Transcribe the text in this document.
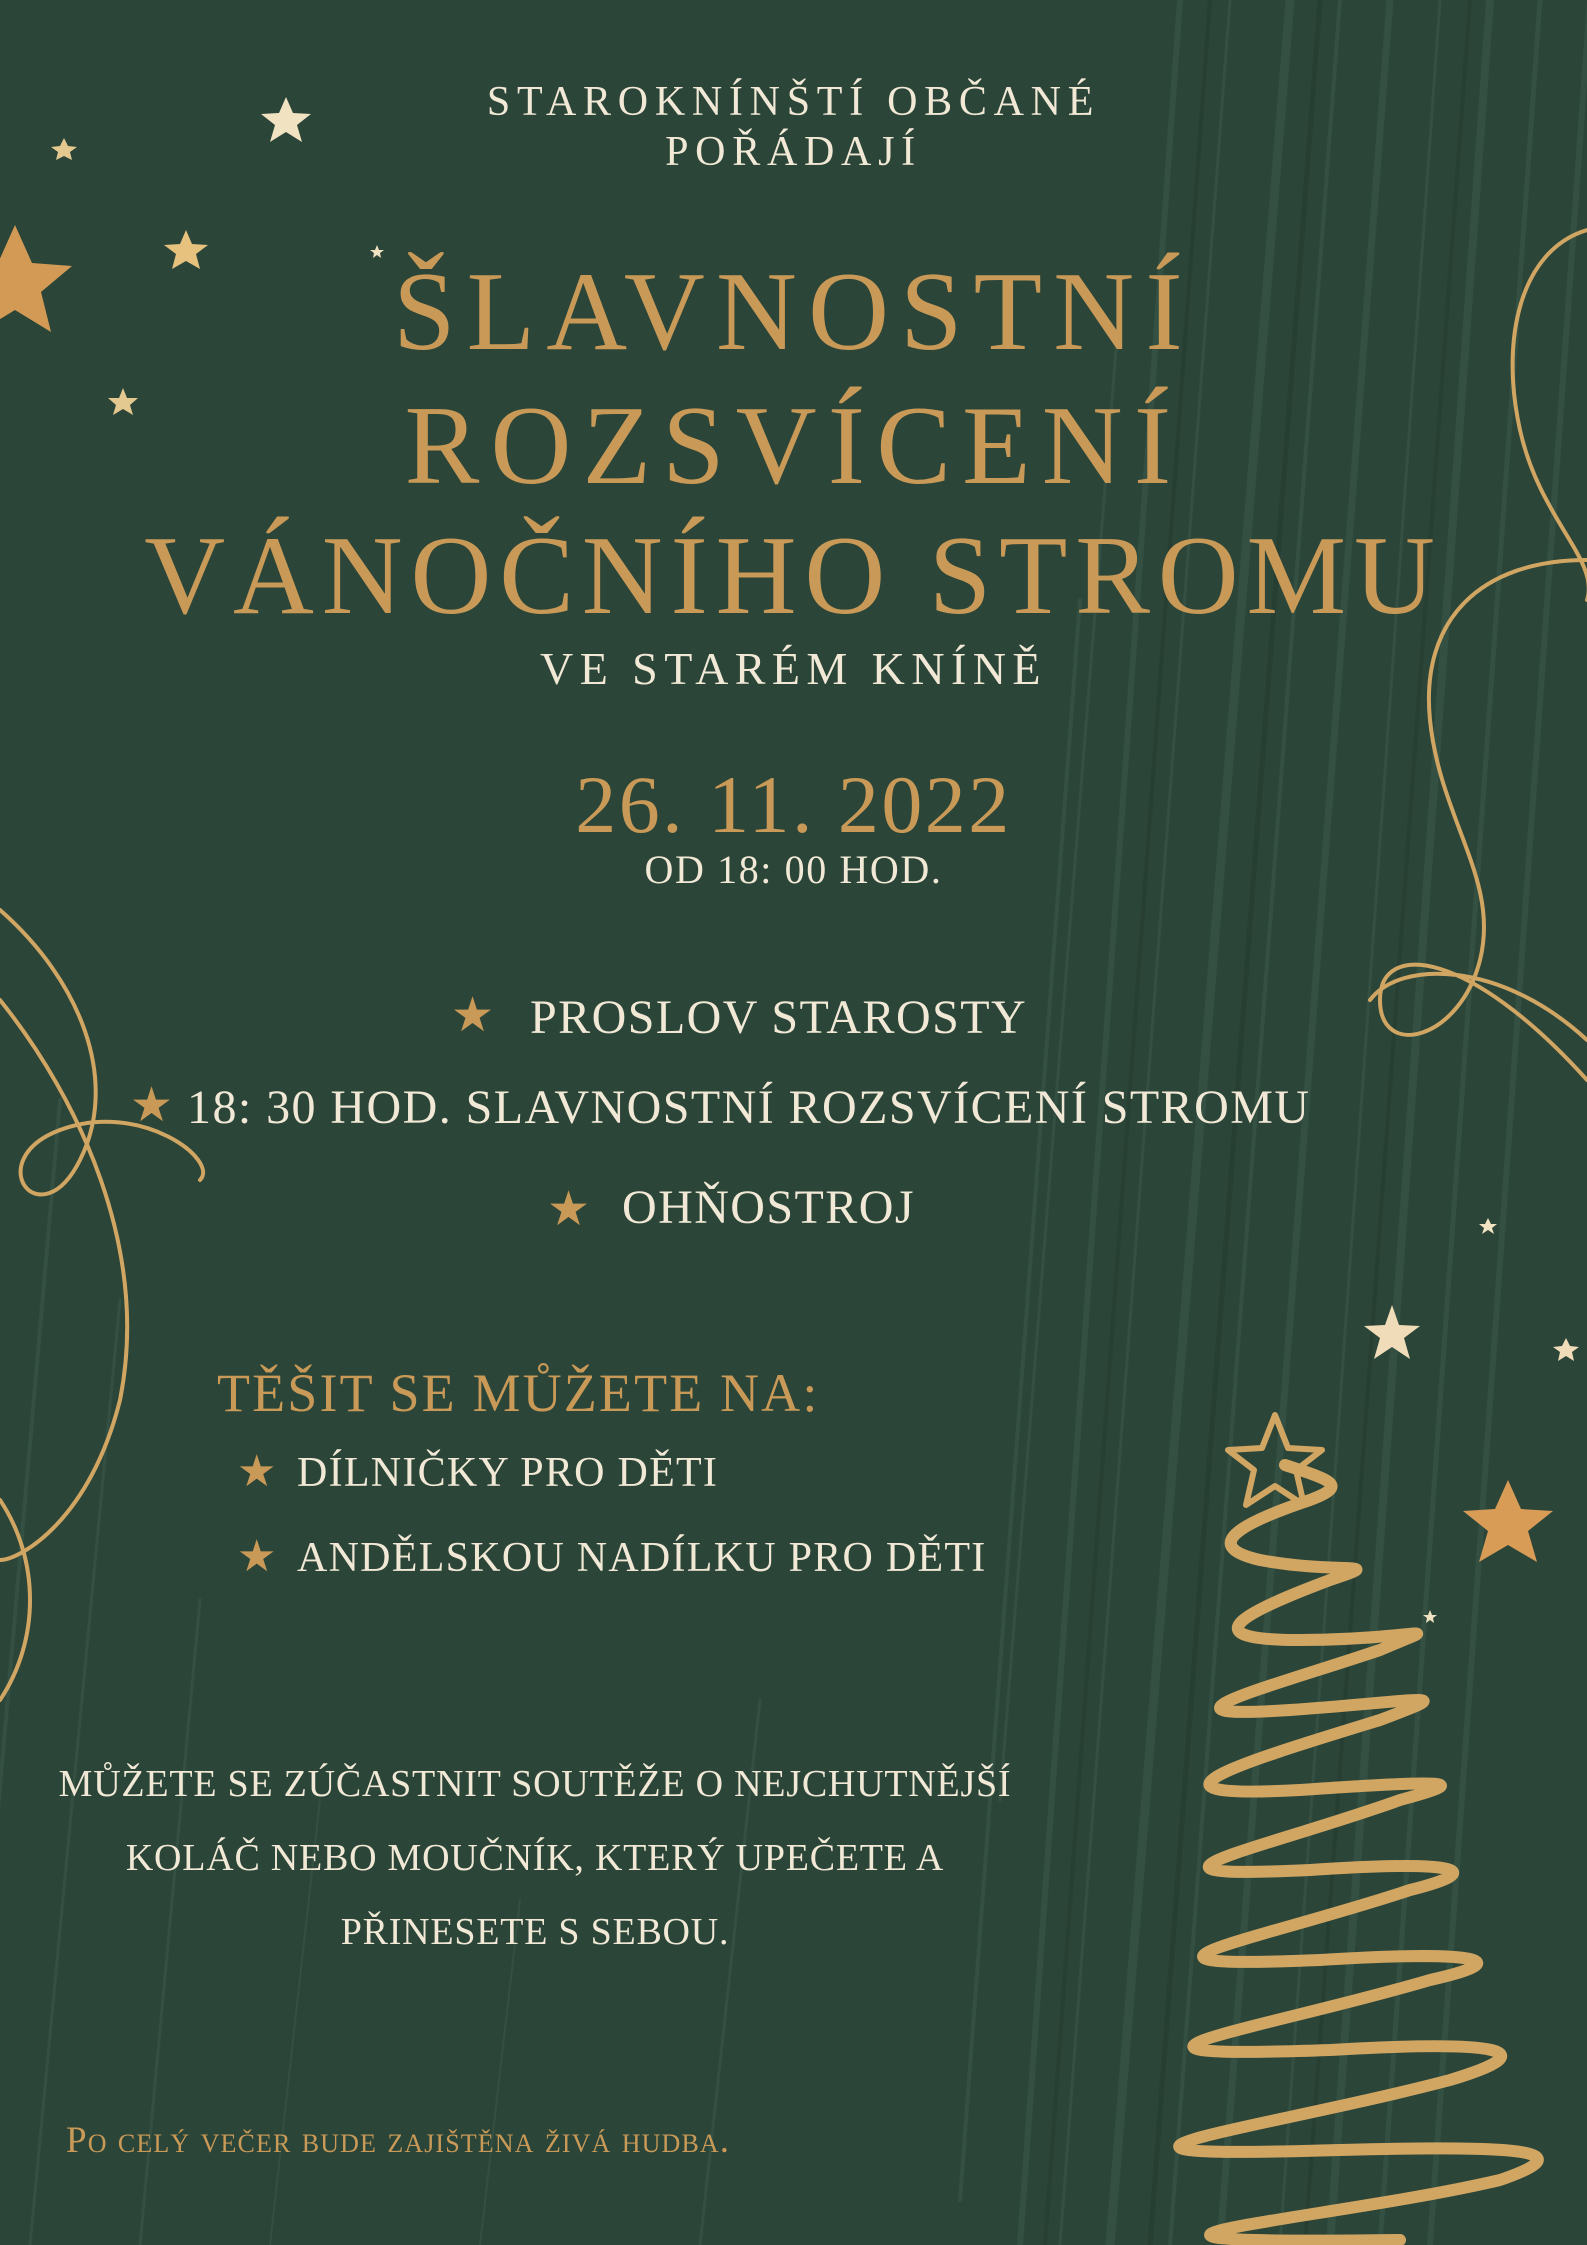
STAROKNÍNŠTÍ OBČANÉ
POŘÁDAJÍ
ŠLAVNOSTNÍ
ROZSVÍCENÍ
VÁNOČNÍHO STROMU
VE STARÉM KNÍNĚ
26. 11. 2022
OD 18: 00 HOD.
★ PROSLOV STAROSTY
★ 18: 30 HOD. SLAVNOSTNÍ ROZSVÍCENÍ STROMU
★ OHŇOSTROJ
TĚŠIT SE MŮŽETE NA:
★ DÍLNIČKY PRO DĚTI
★ ANDĚLSKOU NADÍLKU PRO DĚTI
MŮŽETE SE ZÚČASTNIT SOUTĚŽE O NEJCHUTNĚJŠÍ
KOLÁČ NEBO MOUČNÍK, KTERÝ UPEČETE A
PŘINESETE S SEBOU.
Po celý večer bude zajištěna živá hudba.
